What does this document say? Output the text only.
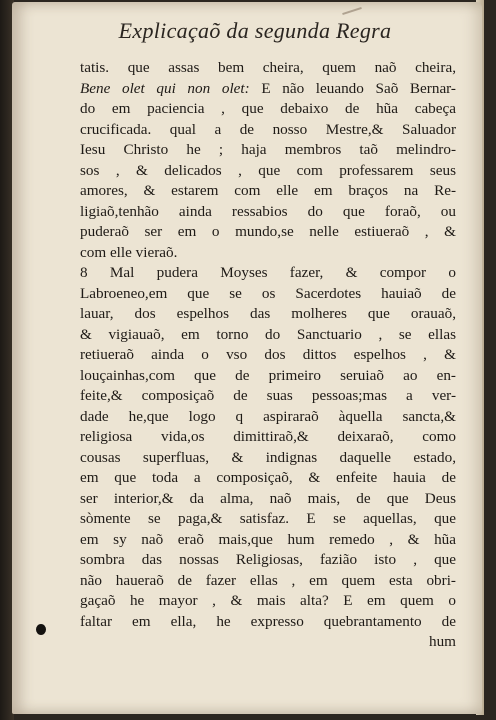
Explicaçaõ da segunda Regra
tatis. que assas bem cheira, quem naõ cheira,
Bene olet qui non olet: E não leuando Saõ Bernar-
do em paciencia , que debaixo de hũa cabeça
crucificada. qual a de nosso Mestre,& Saluador
Iesu Christo he ; haja membros taõ melindro-
sos , & delicados , que com professarem seus
amores, & estarem com elle em braços na Re-
ligiaõ,tenhão ainda ressabios do que foraõ, ou
puderaõ ser em o mundo,se nelle estiueraõ , &
com elle vieraõ.
8 Mal pudera Moyses fazer, & compor o
Labroeneo,em que se os Sacerdotes hauiaõ de
lauar, dos espelhos das molheres que orauaõ,
& vigiauaõ, em torno do Sanctuario , se ellas
retiueraõ ainda o vso dos dittos espelhos , &
louçainhas,com que de primeiro seruiaõ ao en-
feite,& composiçaõ de suas pessoas;mas a ver-
dade he,que logo q aspiraraõ àquella sancta,&
religiosa vida,os dimittiraõ,& deixaraõ, como
cousas superfluas, & indignas daquelle estado,
em que toda a composiçaõ, & enfeite hauia de
ser interior,& da alma, naõ mais, de que Deus
sòmente se paga,& satisfaz. E se aquellas, que
em sy naõ eraõ mais,que hum remedo , & hũa
sombra das nossas Religiosas, fazião isto , que
não haueraõ de fazer ellas , em quem esta obri-
gaçaõ he mayor , & mais alta? E em quem o
faltar em ella, he expresso quebrantamento de
hum
